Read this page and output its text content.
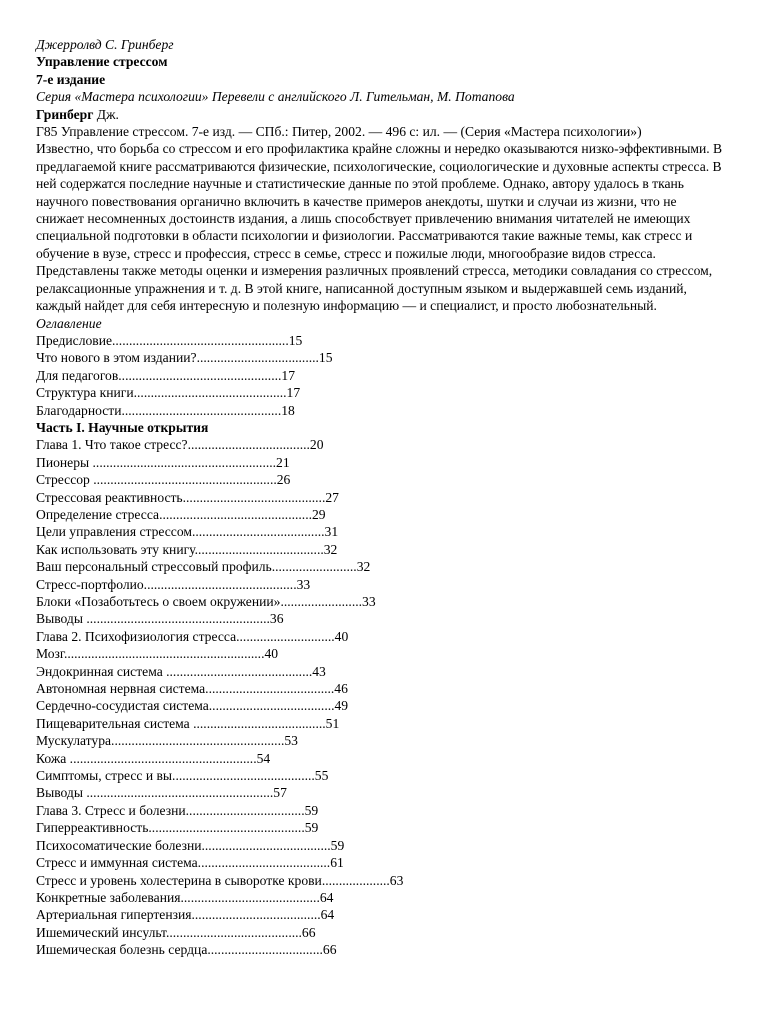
Джерролвд С. Гринберг
Управление стрессом
7-е издание
Серия «Мастера психологии» Перевели с английского Л. Гительман, М. Потапова
Гринберг Дж.
Г85 Управление стрессом. 7-е изд. — СПб.: Питер, 2002. — 496 с: ил. — (Серия «Мастера психологии»)
Известно, что борьба со стрессом и его профилактика крайне сложны и нередко оказываются низко-эффективными. В предлагаемой книге рассматриваются физические, психологические, социологические и духовные аспекты стресса. В ней содержатся последние научные и статистические данные по этой проблеме. Однако, автору удалось в ткань научного повествования органично включить в качестве примеров анекдоты, шутки и случаи из жизни, что не снижает несомненных достоинств издания, а лишь способствует привлечению внимания читателей не имеющих специальной подготовки в области психологии и физиологии. Рассматриваются такие важные темы, как стресс и обучение в вузе, стресс и профессия, стресс в семье, стресс и пожилые люди, многообразие видов стресса. Представлены также методы оценки и измерения различных проявлений стресса, методики совладания со стрессом, релаксационные упражнения и т. д. В этой книге, написанной доступным языком и выдержавшей семь изданий, каждый найдет для себя интересную и полезную информацию — и специалист, и просто любознательный.
Оглавление
Предисловие....................................................15
Что нового в этом издании?....................................15
Для педагогов................................................17
Структура книги.............................................17
Благодарности...............................................18
Часть I. Научные открытия
Глава 1. Что такое стресс?....................................20
Пионеры ......................................................21
Стрессор ......................................................26
Стрессовая реактивность..........................................27
Определение стресса.............................................29
Цели управления стрессом.......................................31
Как использовать эту книгу......................................32
Ваш персональный стрессовый профиль.........................32
Стресс-портфолио.............................................33
Блоки «Позаботьтесь о своем окружении»........................33
Выводы ......................................................36
Глава 2. Психофизиология стресса.............................40
Мозг...........................................................40
Эндокринная система ...........................................43
Автономная нервная система......................................46
Сердечно-сосудистая система.....................................49
Пищеварительная система .......................................51
Мускулатура...................................................53
Кожа .......................................................54
Симптомы, стресс и вы..........................................55
Выводы .......................................................57
Глава 3. Стресс и болезни...................................59
Гиперреактивность..............................................59
Психосоматические болезни......................................59
Стресс и иммунная система.......................................61
Стресс и уровень холестерина в сыворотке крови....................63
Конкретные заболевания.........................................64
Артериальная гипертензия......................................64
Ишемический инсульт........................................66
Ишемическая болезнь сердца..................................66
